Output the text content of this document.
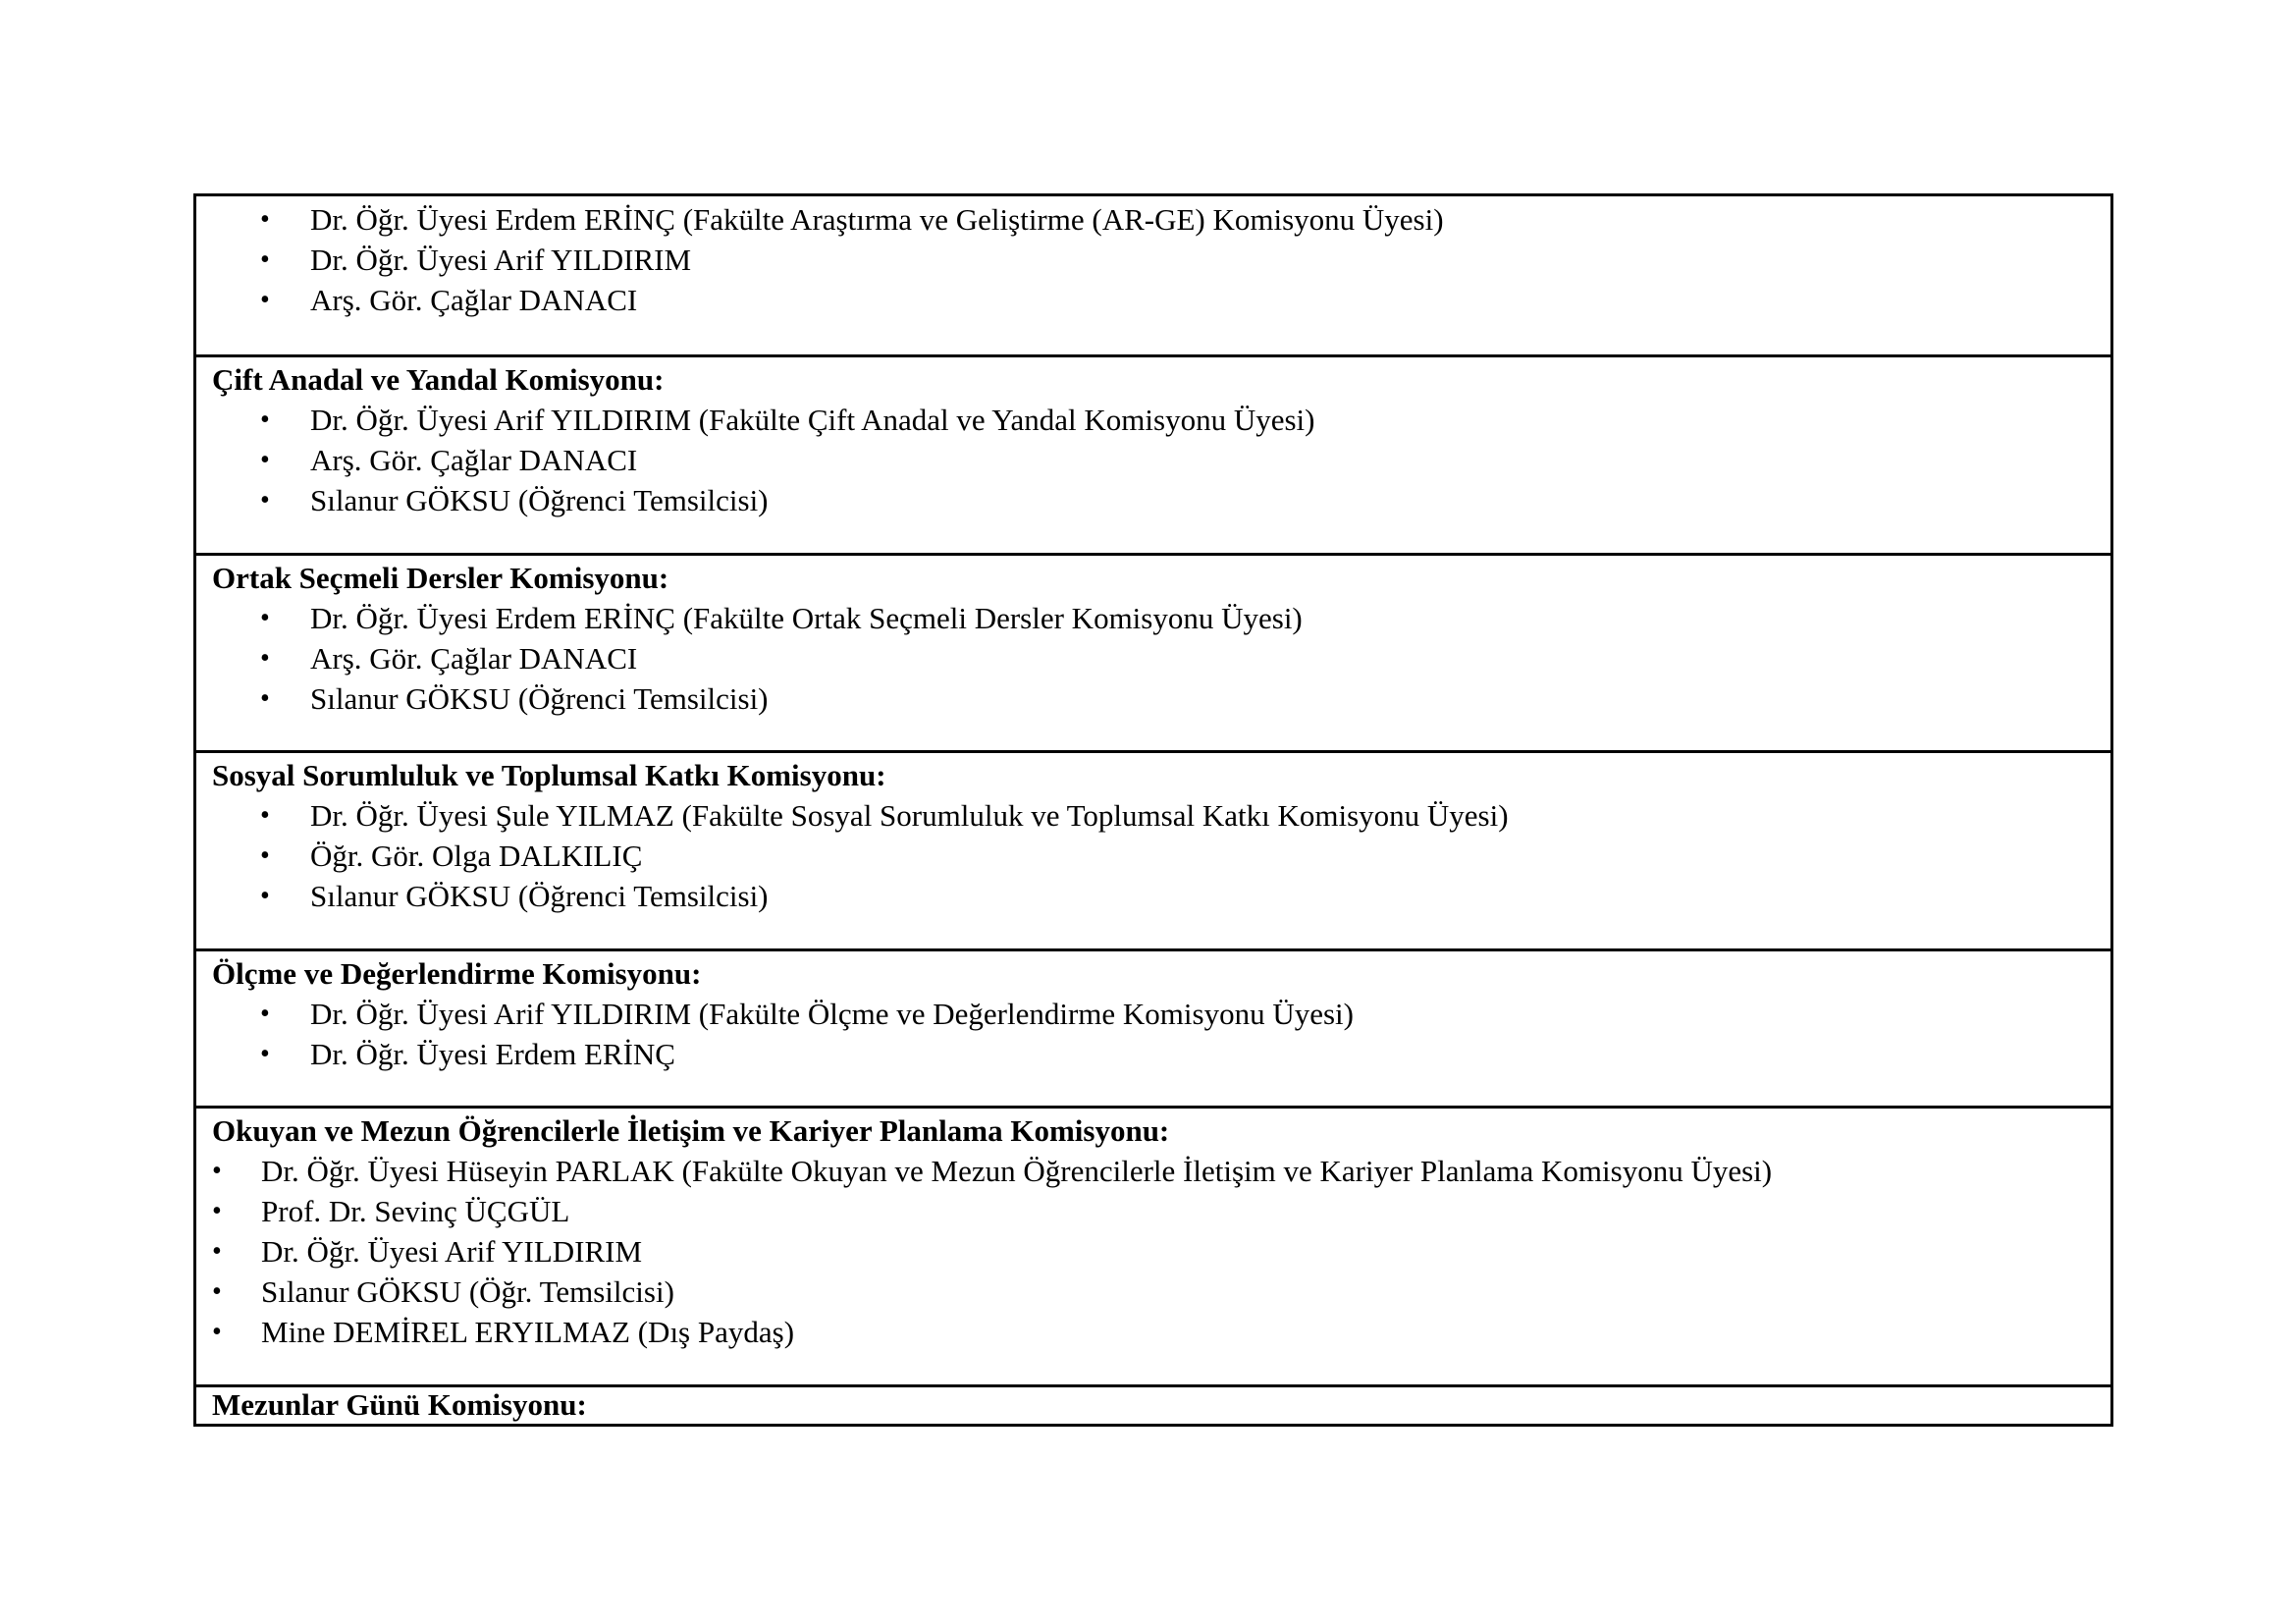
• Dr. Öğr. Üyesi Erdem ERİNÇ (Fakülte Araştırma ve Geliştirme (AR-GE) Komisyonu Üyesi)
• Dr. Öğr. Üyesi Arif YILDIRIM
• Arş. Gör. Çağlar DANACI

Çift Anadal ve Yandal Komisyonu:
• Dr. Öğr. Üyesi Arif YILDIRIM (Fakülte Çift Anadal ve Yandal Komisyonu Üyesi)
• Arş. Gör. Çağlar DANACI
• Sılanur GÖKSU (Öğrenci Temsilcisi)

Ortak Seçmeli Dersler Komisyonu:
• Dr. Öğr. Üyesi Erdem ERİNÇ (Fakülte Ortak Seçmeli Dersler Komisyonu Üyesi)
• Arş. Gör. Çağlar DANACI
• Sılanur GÖKSU (Öğrenci Temsilcisi)

Sosyal Sorumluluk ve Toplumsal Katkı Komisyonu:
• Dr. Öğr. Üyesi Şule YILMAZ (Fakülte Sosyal Sorumluluk ve Toplumsal Katkı Komisyonu Üyesi)
• Öğr. Gör. Olga DALKILIÇ
• Sılanur GÖKSU (Öğrenci Temsilcisi)

Ölçme ve Değerlendirme Komisyonu:
• Dr. Öğr. Üyesi Arif YILDIRIM (Fakülte Ölçme ve Değerlendirme Komisyonu Üyesi)
• Dr. Öğr. Üyesi Erdem ERİNÇ

Okuyan ve Mezun Öğrencilerle İletişim ve Kariyer Planlama Komisyonu:
• Dr. Öğr. Üyesi Hüseyin PARLAK (Fakülte Okuyan ve Mezun Öğrencilerle İletişim ve Kariyer Planlama Komisyonu Üyesi)
• Prof. Dr. Sevinç ÜÇGÜL
• Dr. Öğr. Üyesi Arif YILDIRIM
• Sılanur GÖKSU (Öğr. Temsilcisi)
• Mine DEMİREL ERYILMAZ (Dış Paydaş)

Mezunlar Günü Komisyonu:
